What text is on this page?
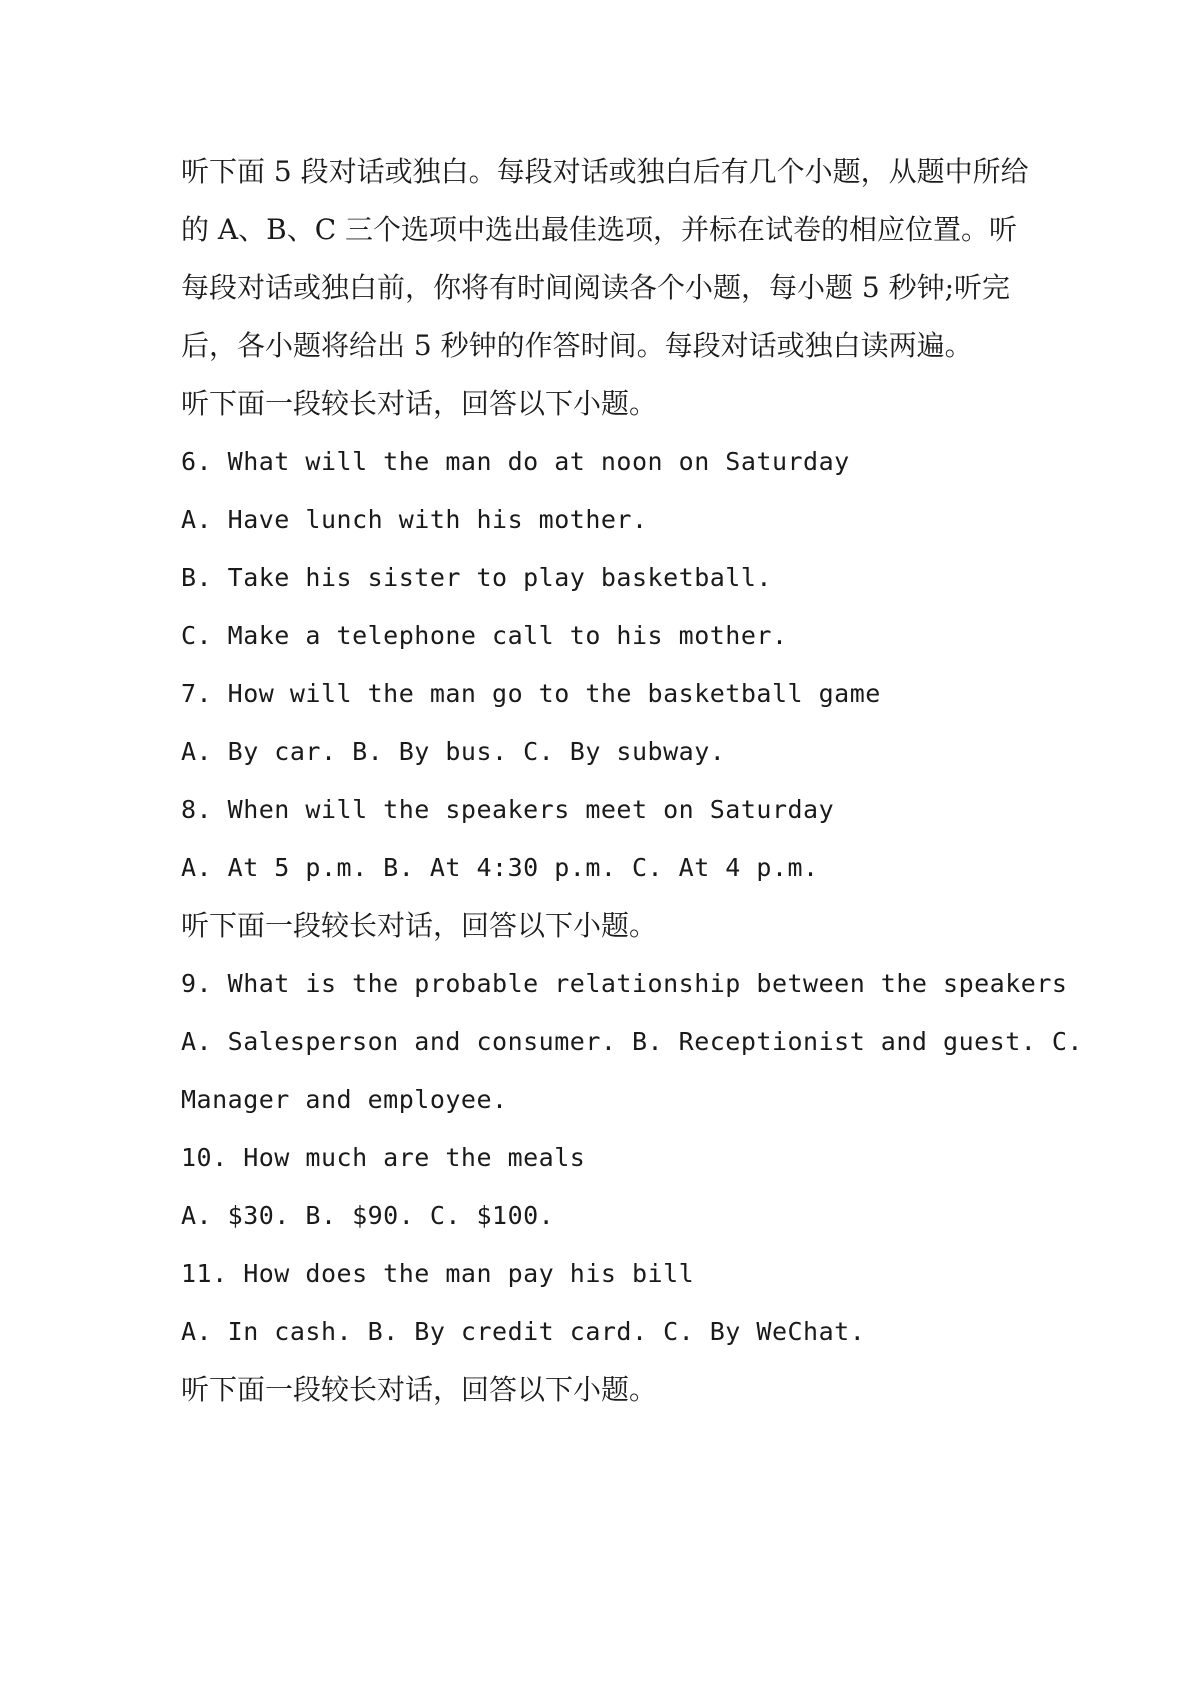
听下面 5 段对话或独白。每段对话或独白后有几个小题，从题中所给
的 A、B、C 三个选项中选出最佳选项，并标在试卷的相应位置。听
每段对话或独白前，你将有时间阅读各个小题，每小题 5 秒钟;听完
后，各小题将给出 5 秒钟的作答时间。每段对话或独白读两遍。
听下面一段较长对话，回答以下小题。
6. What will the man do at noon on Saturday
A. Have lunch with his mother.
B. Take his sister to play basketball.
C. Make a telephone call to his mother.
7. How will the man go to the basketball game
A. By car. B. By bus. C. By subway.
8. When will the speakers meet on Saturday
A. At 5 p.m. B. At 4:30 p.m. C. At 4 p.m.
听下面一段较长对话，回答以下小题。
9. What is the probable relationship between the speakers
A. Salesperson and consumer. B. Receptionist and guest. C.
Manager and employee.
10. How much are the meals
A. $30. B. $90. C. $100.
11. How does the man pay his bill
A. In cash. B. By credit card. C. By WeChat.
听下面一段较长对话，回答以下小题。
